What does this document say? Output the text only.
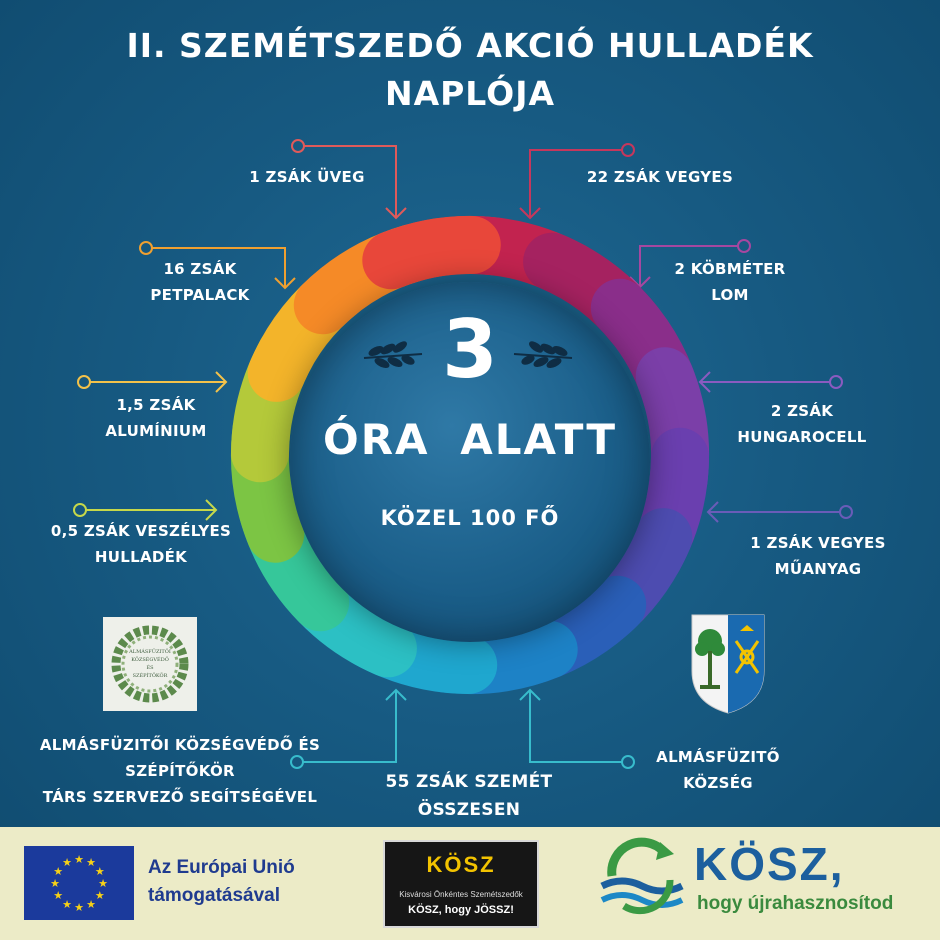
II. SZEMÉTSZEDŐ AKCIÓ HULLADÉK
NAPLÓJA
3
ÓRA ALATT
KÖZEL 100 FŐ
1 ZSÁK ÜVEG	22 ZSÁK VEGYES
16 ZSÁK
PETPALACK
2 KÖBMÉTER
LOM
1,5 ZSÁK
ALUMÍNIUM
2 ZSÁK
HUNGAROCELL
0,5 ZSÁK VESZÉLYES
HULLADÉK
1 ZSÁK VEGYES
MŰANYAG
ALMÁSFÜZITŐI
KÖZSÉGVÉDŐ
ÉS
SZÉPÍTŐKÖR
ALMÁSFÜZITŐI KÖZSÉGVÉDŐ ÉS
SZÉPÍTŐKÖR
TÁRS SZERVEZŐ SEGÍTSÉGÉVEL
55 ZSÁK SZEMÉT
ÖSSZESEN
ALMÁSFÜZITŐ
KÖZSÉG
★
★
★
★
★
★
★
★
★ ★ ★
★ Az Európai Unió
támogatásával
KÖSZ
Kisvárosi Önkéntes Szemétszedők
KÖSZ, hogy JÖSSZ!
KÖSZ,
hogy újrahasznosítod
